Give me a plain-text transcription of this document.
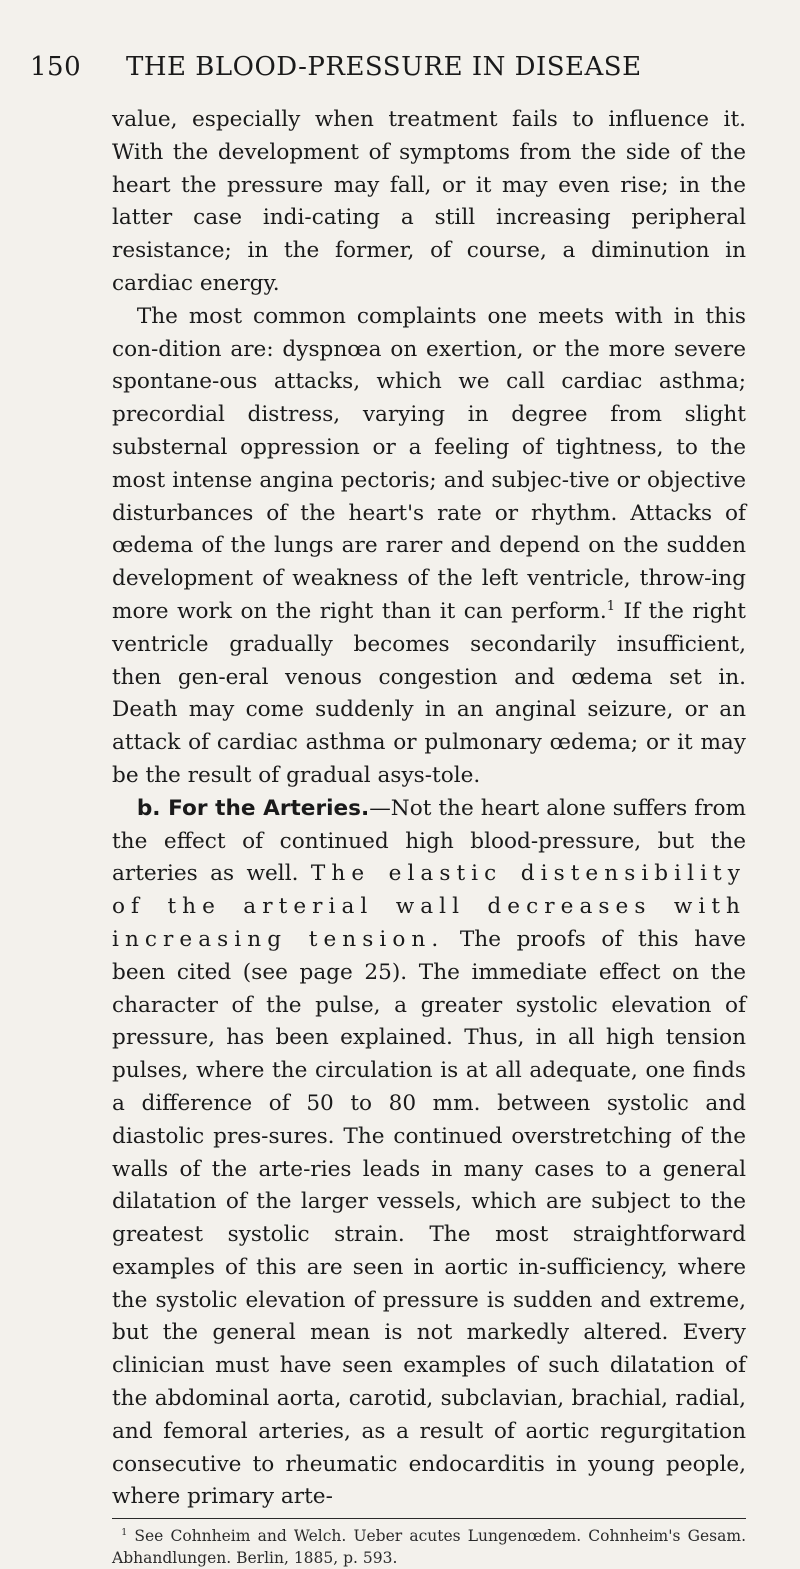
150	THE BLOOD-PRESSURE IN DISEASE

value, especially when treatment fails to influence it. With the development of symptoms from the side of the heart the pressure may fall, or it may even rise; in the latter case indi-cating a still increasing peripheral resistance; in the former, of course, a diminution in cardiac energy.

The most common complaints one meets with in this con-dition are: dyspnœa on exertion, or the more severe spontane-ous attacks, which we call cardiac asthma; precordial distress, varying in degree from slight substernal oppression or a feeling of tightness, to the most intense angina pectoris; and subjec-tive or objective disturbances of the heart's rate or rhythm. Attacks of œdema of the lungs are rarer and depend on the sudden development of weakness of the left ventricle, throw-ing more work on the right than it can perform.$^1$ If the right ventricle gradually becomes secondarily insufficient, then gen-eral venous congestion and œdema set in. Death may come suddenly in an anginal seizure, or an attack of cardiac asthma or pulmonary œdema; or it may be the result of gradual asys-tole.

b. For the Arteries.—Not the heart alone suffers from the effect of continued high blood-pressure, but the arteries as well. The elastic distensibility of the arterial wall decreases with increasing tension. The proofs of this have been cited (see page 25). The immediate effect on the character of the pulse, a greater systolic elevation of pressure, has been explained. Thus, in all high tension pulses, where the circulation is at all adequate, one finds a difference of 50 to 80 mm. between systolic and diastolic pres-sures. The continued overstretching of the walls of the arte-ries leads in many cases to a general dilatation of the larger vessels, which are subject to the greatest systolic strain. The most straightforward examples of this are seen in aortic in-sufficiency, where the systolic elevation of pressure is sudden and extreme, but the general mean is not markedly altered. Every clinician must have seen examples of such dilatation of the abdominal aorta, carotid, subclavian, brachial, radial, and femoral arteries, as a result of aortic regurgitation consecutive to rheumatic endocarditis in young people, where primary arte-

$^1$ See Cohnheim and Welch. Ueber acutes Lungenœdem. Cohnheim's Gesam. Abhandlungen. Berlin, 1885, p. 593.
